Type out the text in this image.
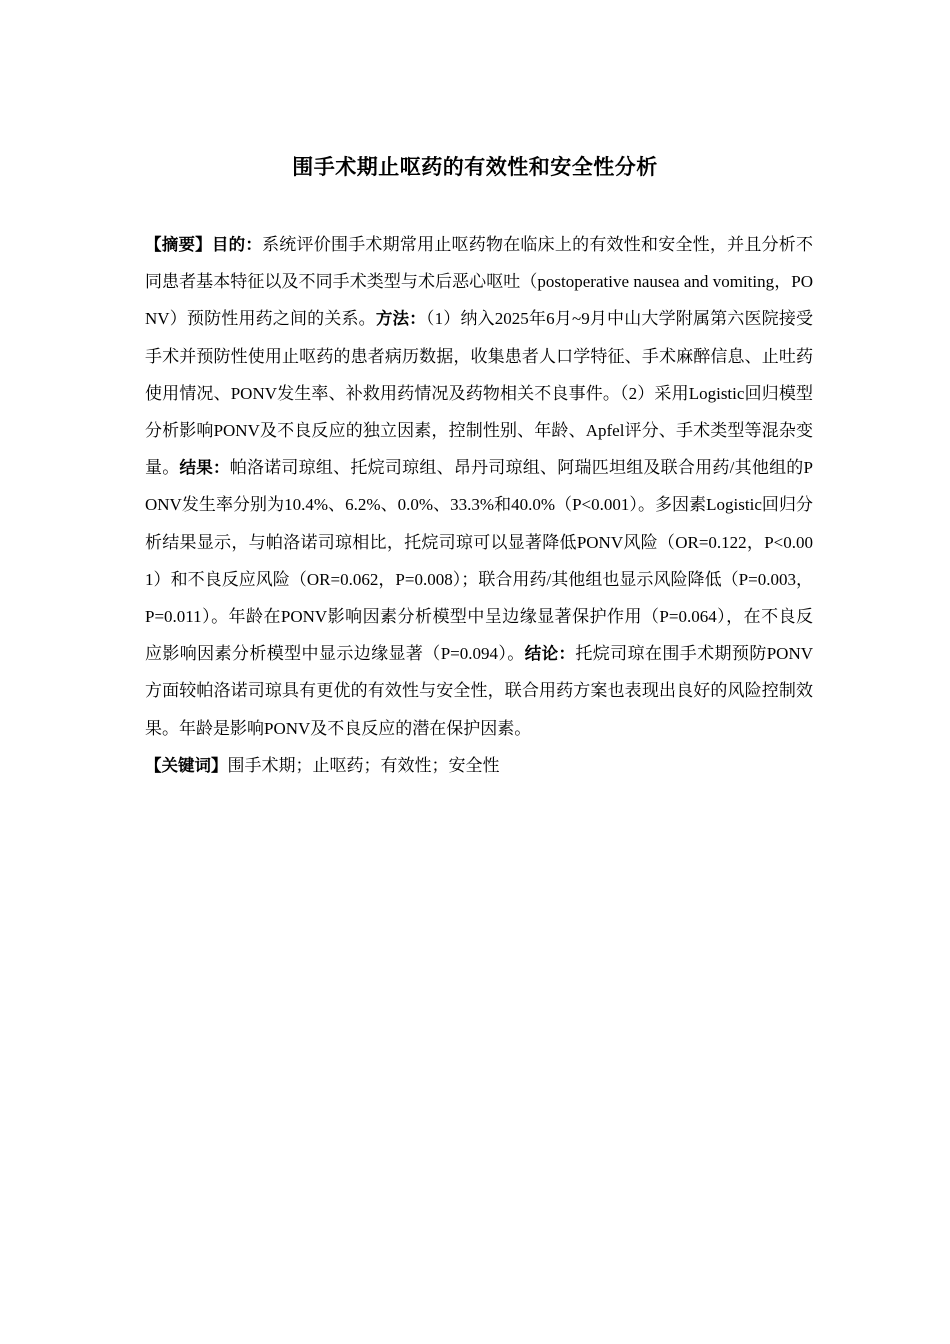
围手术期止呕药的有效性和安全性分析

【摘要】目的：系统评价围手术期常用止呕药物在临床上的有效性和安全性，并且分析不同患者基本特征以及不同手术类型与术后恶心呕吐（postoperative nausea and vomiting，PONV）预防性用药之间的关系。方法：（1）纳入2025年6月~9月中山大学附属第六医院接受手术并预防性使用止呕药的患者病历数据，收集患者人口学特征、手术麻醉信息、止吐药使用情况、PONV发生率、补救用药情况及药物相关不良事件。（2）采用Logistic回归模型分析影响PONV及不良反应的独立因素，控制性别、年龄、Apfel评分、手术类型等混杂变量。结果：帕洛诺司琼组、托烷司琼组、昂丹司琼组、阿瑞匹坦组及联合用药/其他组的PONV发生率分别为10.4%、6.2%、0.0%、33.3%和40.0%（P<0.001）。多因素Logistic回归分析结果显示，与帕洛诺司琼相比，托烷司琼可以显著降低PONV风险（OR=0.122，P<0.001）和不良反应风险（OR=0.062，P=0.008）；联合用药/其他组也显示风险降低（P=0.003，P=0.011）。年龄在PONV影响因素分析模型中呈边缘显著保护作用（P=0.064），在不良反应影响因素分析模型中显示边缘显著（P=0.094）。结论：托烷司琼在围手术期预防PONV方面较帕洛诺司琼具有更优的有效性与安全性，联合用药方案也表现出良好的风险控制效果。年龄是影响PONV及不良反应的潜在保护因素。

【关键词】围手术期；止呕药；有效性；安全性
